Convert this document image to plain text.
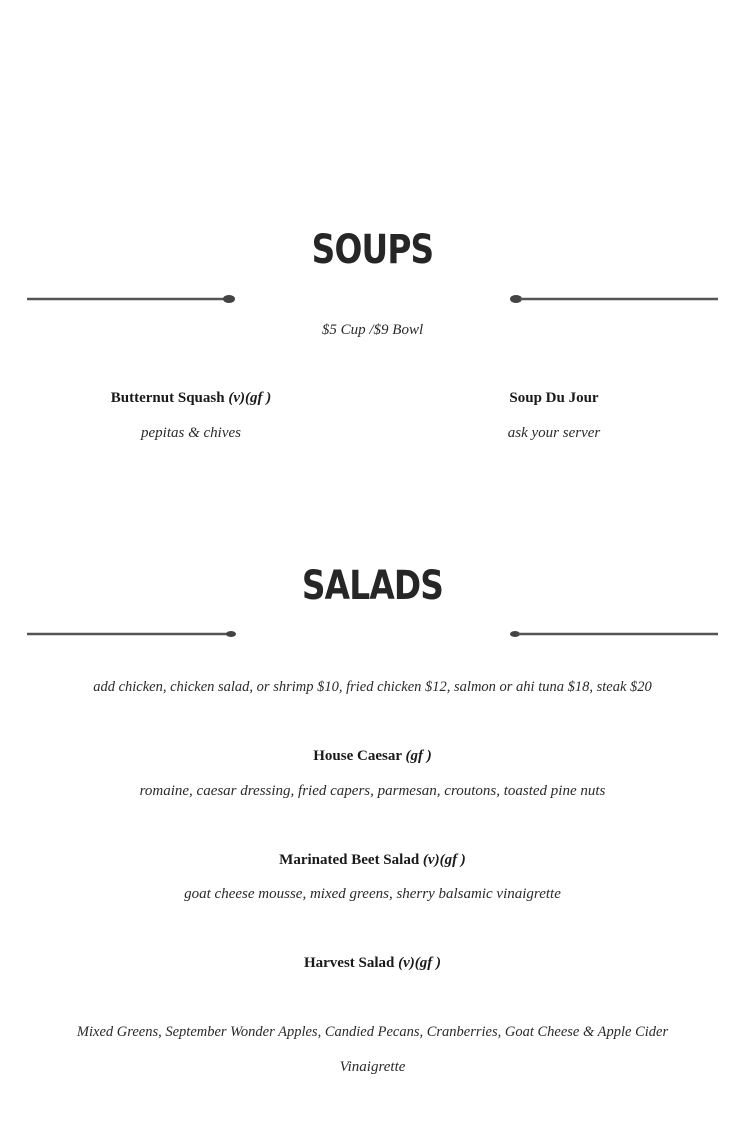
SOUPS
$5 Cup /$9 Bowl
Butternut Squash (v)(gf )
pepitas & chives
Soup Du Jour
ask your server
SALADS
add chicken, chicken salad, or shrimp $10, fried chicken $12, salmon or ahi tuna $18, steak $20
House Caesar (gf )
romaine, caesar dressing, fried capers, parmesan, croutons, toasted pine nuts
Marinated Beet Salad (v)(gf )
goat cheese mousse, mixed greens, sherry balsamic vinaigrette
Harvest Salad (v)(gf )
Mixed Greens, September Wonder Apples, Candied Pecans, Cranberries, Goat Cheese & Apple Cider
Vinaigrette
